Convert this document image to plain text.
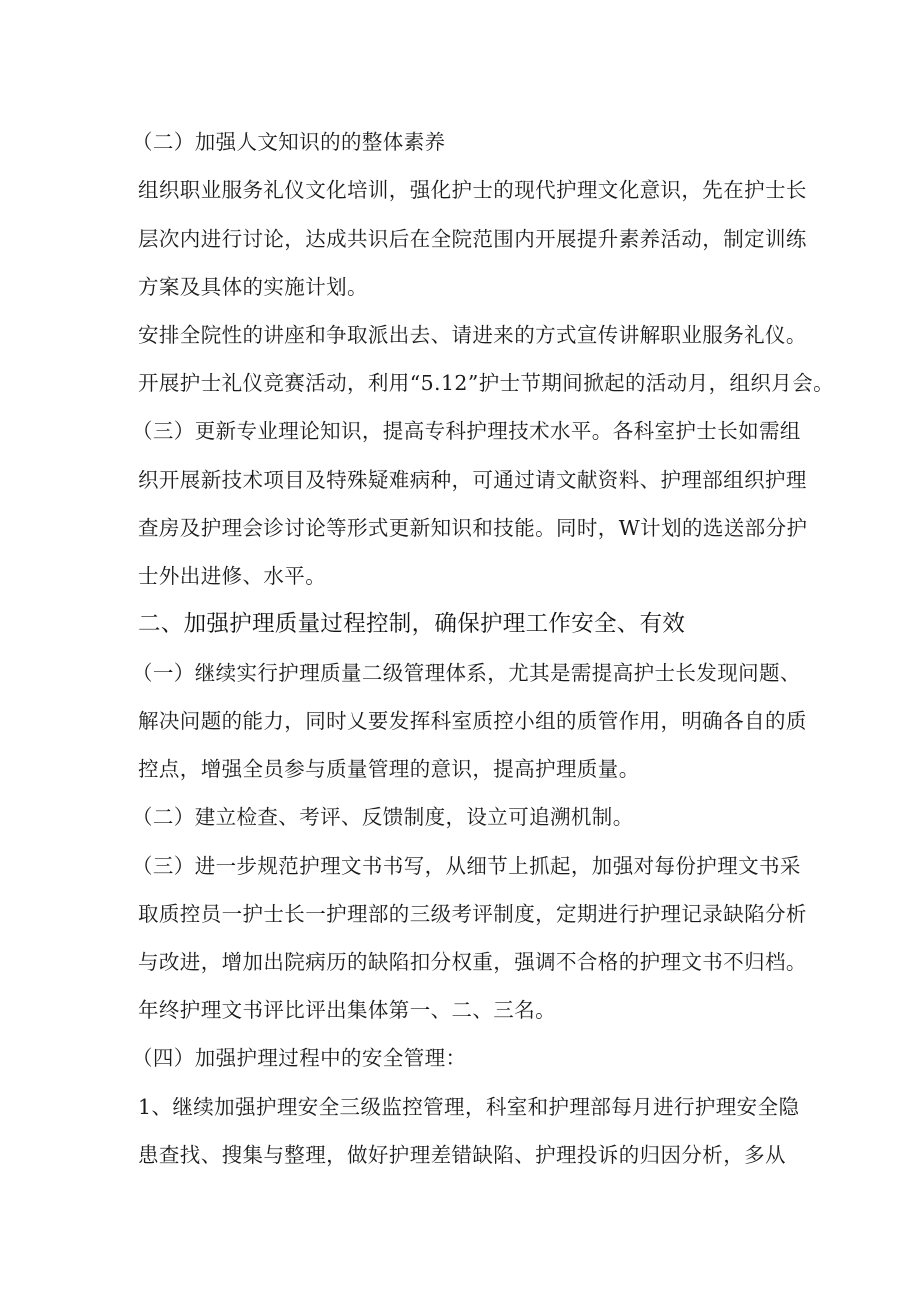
（二）加强人文知识的的整体素养
组织职业服务礼仪文化培训，强化护士的现代护理文化意识，先在护士长
层次内进行讨论，达成共识后在全院范围内开展提升素养活动，制定训练
方案及具体的实施计划。
安排全院性的讲座和争取派出去、请进来的方式宣传讲解职业服务礼仪。
开展护士礼仪竞赛活动，利用“5.12”护士节期间掀起的活动月，组织月会。
（三）更新专业理论知识，提高专科护理技术水平。各科室护士长如需组
织开展新技术项目及特殊疑难病种，可通过请文献资料、护理部组织护理
查房及护理会诊讨论等形式更新知识和技能。同时，W计划的选送部分护
士外出进修、水平。
二、加强护理质量过程控制，确保护理工作安全、有效
（一）继续实行护理质量二级管理体系，尤其是需提高护士长发现问题、
解决问题的能力，同时乂要发挥科室质控小组的质管作用，明确各自的质
控点，增强全员参与质量管理的意识，提高护理质量。
（二）建立检查、考评、反馈制度，设立可追溯机制。
（三）进一步规范护理文书书写，从细节上抓起，加强对每份护理文书采
取质控员一护士长一护理部的三级考评制度，定期进行护理记录缺陷分析
与改进，增加出院病历的缺陷扣分权重，强调不合格的护理文书不归档。
年终护理文书评比评出集体第一、二、三名。
（四）加强护理过程中的安全管理：
1、继续加强护理安全三级监控管理，科室和护理部每月进行护理安全隐
患查找、搜集与整理，做好护理差错缺陷、护理投诉的归因分析，多从
